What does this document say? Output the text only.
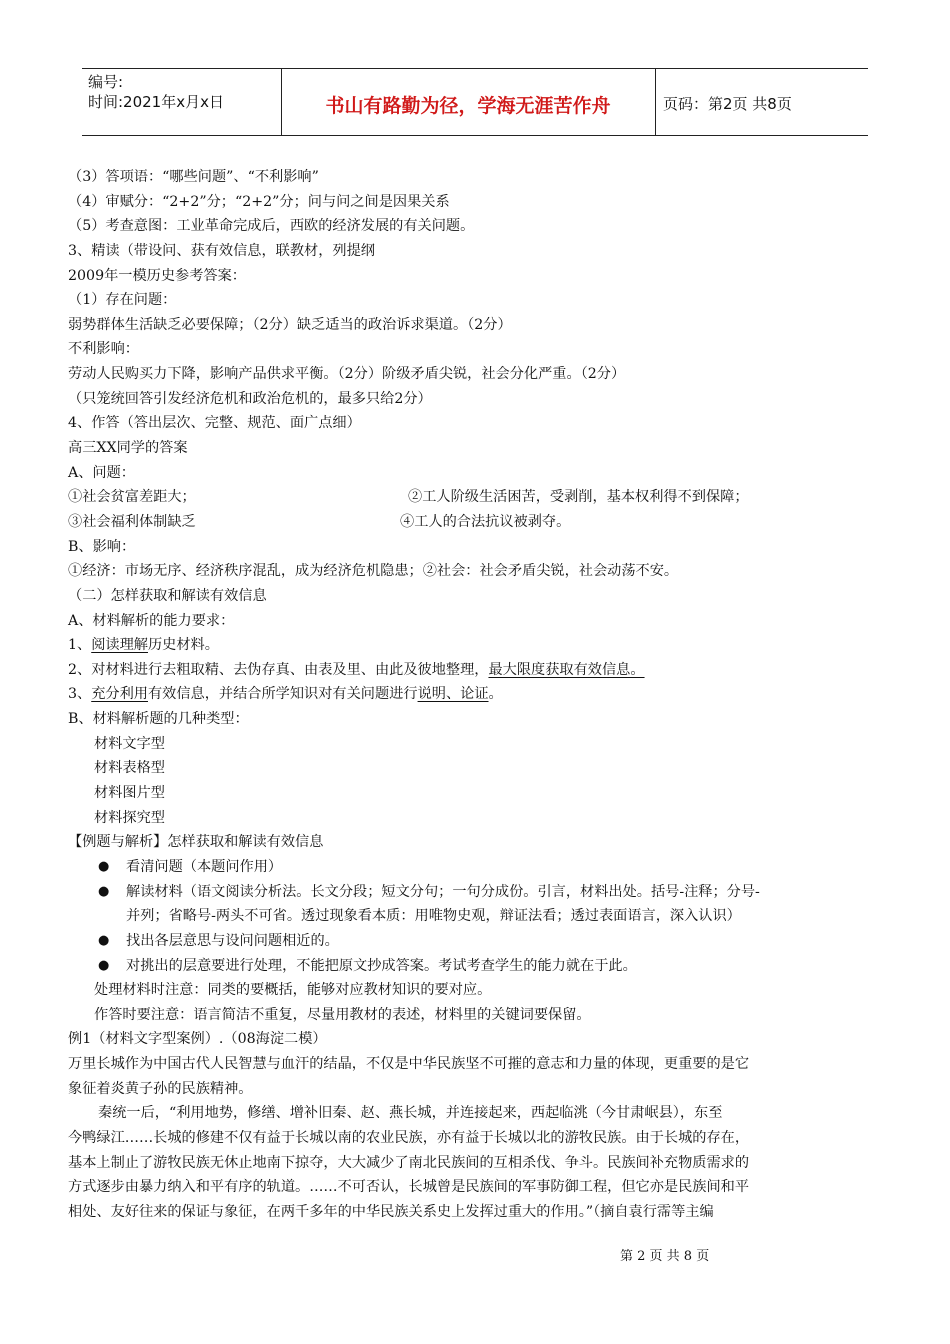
编号:
时间:2021年x月x日	书山有路勤为径，学海无涯苦作舟	页码：第2页 共8页
（3）答项语：“哪些问题”、“不利影响”
（4）审赋分：“2+2”分；“2+2”分；问与问之间是因果关系
（5）考查意图：工业革命完成后，西欧的经济发展的有关问题。
3、精读（带设问、获有效信息，联教材，列提纲
2009年一模历史参考答案：
（1）存在问题：
弱势群体生活缺乏必要保障；（2分）缺乏适当的政治诉求渠道。（2分）
不利影响：
劳动人民购买力下降，影响产品供求平衡。（2分）阶级矛盾尖锐，社会分化严重。（2分）
（只笼统回答引发经济危机和政治危机的，最多只给2分）
4、作答（答出层次、完整、规范、面广点细）
高三XX同学的答案
A、问题：
①社会贫富差距大；	②工人阶级生活困苦，受剥削，基本权利得不到保障；
③社会福利体制缺乏	④工人的合法抗议被剥夺。
B、影响：
①经济：市场无序、经济秩序混乱，成为经济危机隐患；②社会：社会矛盾尖锐，社会动荡不安。
（二）怎样获取和解读有效信息
A、材料解析的能力要求：
1、阅读理解历史材料。
2、对材料进行去粗取精、去伪存真、由表及里、由此及彼地整理，最大限度获取有效信息。
3、充分利用有效信息，并结合所学知识对有关问题进行说明、论证。
B、材料解析题的几种类型：
材料文字型
材料表格型
材料图片型
材料探究型
【例题与解析】怎样获取和解读有效信息
● 看清问题（本题问作用）
● 解读材料（语文阅读分析法。长文分段；短文分句；一句分成份。引言，材料出处。括号-注释；分号-
并列；省略号-两头不可省。透过现象看本质：用唯物史观，辩证法看；透过表面语言，深入认识）
● 找出各层意思与设问问题相近的。
● 对挑出的层意要进行处理，不能把原文抄成答案。考试考查学生的能力就在于此。
处理材料时注意：同类的要概括，能够对应教材知识的要对应。
作答时要注意：语言简洁不重复，尽量用教材的表述，材料里的关键词要保留。
例1（材料文字型案例）.（08海淀二模）
万里长城作为中国古代人民智慧与血汗的结晶，不仅是中华民族坚不可摧的意志和力量的体现，更重要的是它
象征着炎黄子孙的民族精神。
秦统一后，“利用地势，修缮、增补旧秦、赵、燕长城，并连接起来，西起临洮（今甘肃岷县），东至
今鸭绿江……长城的修建不仅有益于长城以南的农业民族，亦有益于长城以北的游牧民族。由于长城的存在，
基本上制止了游牧民族无休止地南下掠夺，大大减少了南北民族间的互相杀伐、争斗。民族间补充物质需求的
方式逐步由暴力纳入和平有序的轨道。……不可否认，长城曾是民族间的军事防御工程，但它亦是民族间和平
相处、友好往来的保证与象征，在两千多年的中华民族关系史上发挥过重大的作用。”（摘自袁行霈等主编
第 2 页 共 8 页
